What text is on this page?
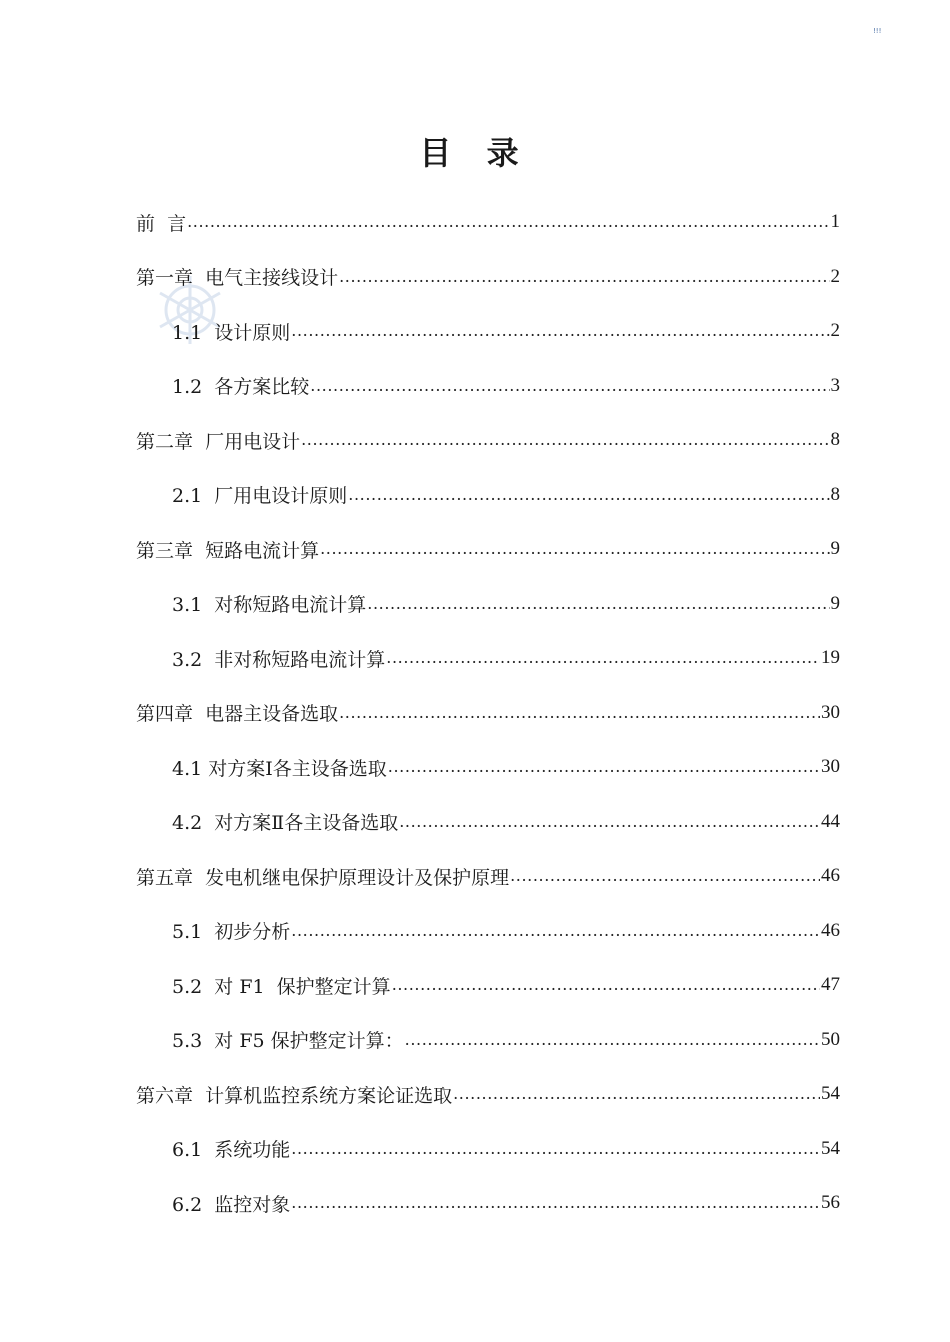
!!!
目 录
前  言 .....	1
第一章  电气主接线设计 .....	2
1.1  设计原则 .....	2
1.2  各方案比较 .....	3
第二章  厂用电设计 .....	8
2.1  厂用电设计原则 .....	8
第三章  短路电流计算 .....	9
3.1  对称短路电流计算 .....	9
3.2  非对称短路电流计算 .....	19
第四章  电器主设备选取 .....	30
4.1 对方案Ⅰ各主设备选取 .....	30
4.2  对方案Ⅱ各主设备选取 .....	44
第五章  发电机继电保护原理设计及保护原理 .....	46
5.1  初步分析 .....	46
5.2  对 F1  保护整定计算 .....	47
5.3  对 F5 保护整定计算： .....	50
第六章  计算机监控系统方案论证选取 .....	54
6.1  系统功能 .....	54
6.2  监控对象 .....	56
